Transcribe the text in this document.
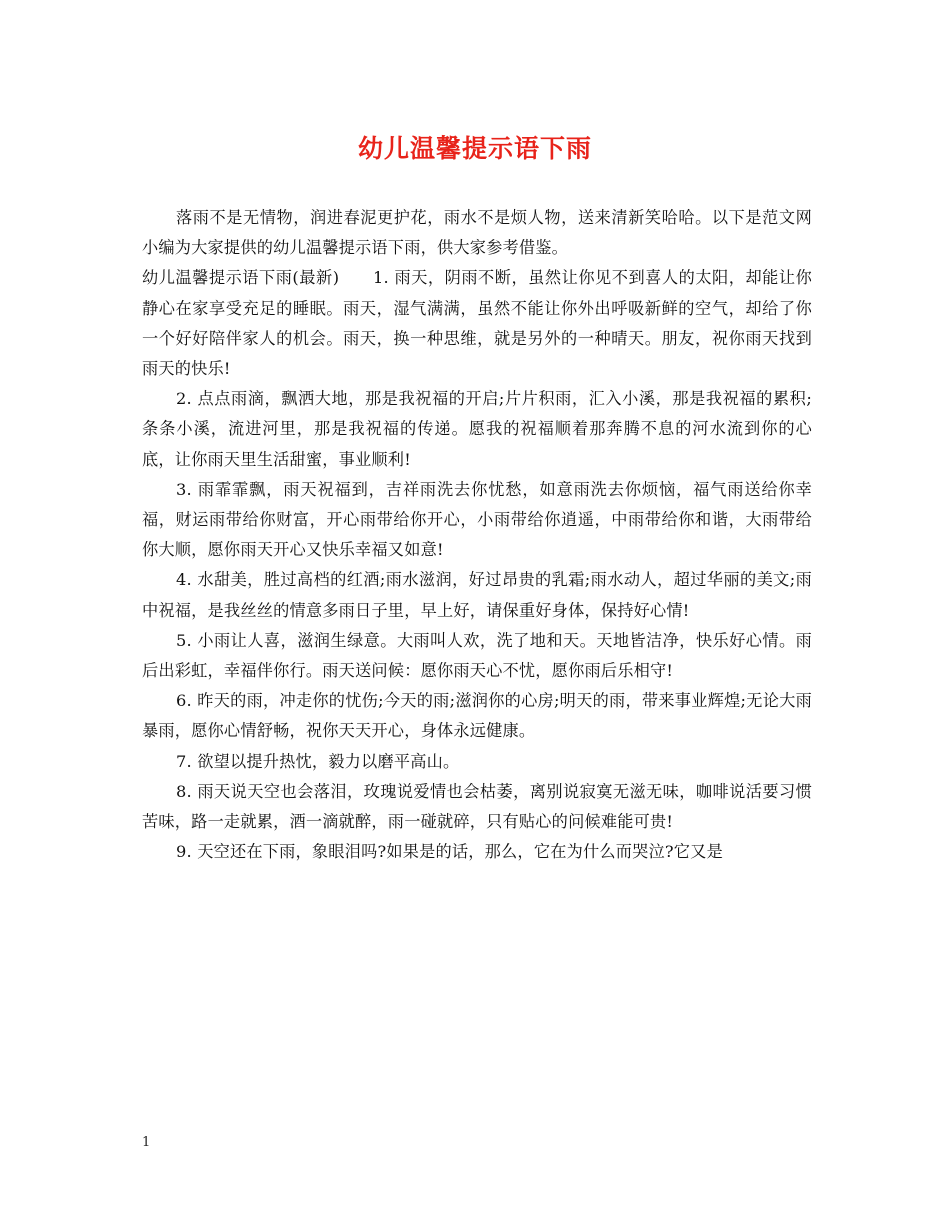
幼儿温馨提示语下雨

落雨不是无情物，润进春泥更护花，雨水不是烦人物，送来清新笑哈哈。以下是范文网小编为大家提供的幼儿温馨提示语下雨，供大家参考借鉴。

幼儿温馨提示语下雨(最新)　　1. 雨天，阴雨不断，虽然让你见不到喜人的太阳，却能让你静心在家享受充足的睡眠。雨天，湿气满满，虽然不能让你外出呼吸新鲜的空气，却给了你一个好好陪伴家人的机会。雨天，换一种思维，就是另外的一种晴天。朋友，祝你雨天找到雨天的快乐!

2. 点点雨滴，飘洒大地，那是我祝福的开启;片片积雨，汇入小溪，那是我祝福的累积;条条小溪，流进河里，那是我祝福的传递。愿我的祝福顺着那奔腾不息的河水流到你的心底，让你雨天里生活甜蜜，事业顺利!

3. 雨霏霏飘，雨天祝福到，吉祥雨洗去你忧愁，如意雨洗去你烦恼，福气雨送给你幸福，财运雨带给你财富，开心雨带给你开心，小雨带给你逍遥，中雨带给你和谐，大雨带给你大顺，愿你雨天开心又快乐幸福又如意!

4. 水甜美，胜过高档的红酒;雨水滋润，好过昂贵的乳霜;雨水动人，超过华丽的美文;雨中祝福，是我丝丝的情意多雨日子里，早上好，请保重好身体，保持好心情!

5. 小雨让人喜，滋润生绿意。大雨叫人欢，洗了地和天。天地皆洁净，快乐好心情。雨后出彩虹，幸福伴你行。雨天送问候：愿你雨天心不忧，愿你雨后乐相守!

6. 昨天的雨，冲走你的忧伤;今天的雨;滋润你的心房;明天的雨，带来事业辉煌;无论大雨暴雨，愿你心情舒畅，祝你天天开心，身体永远健康。

7. 欲望以提升热忱，毅力以磨平高山。

8. 雨天说天空也会落泪，玫瑰说爱情也会枯萎，离别说寂寞无滋无味，咖啡说活要习惯苦味，路一走就累，酒一滴就醉，雨一碰就碎，只有贴心的问候难能可贵!

9. 天空还在下雨，象眼泪吗?如果是的话，那么，它在为什么而哭泣?它又是

1
